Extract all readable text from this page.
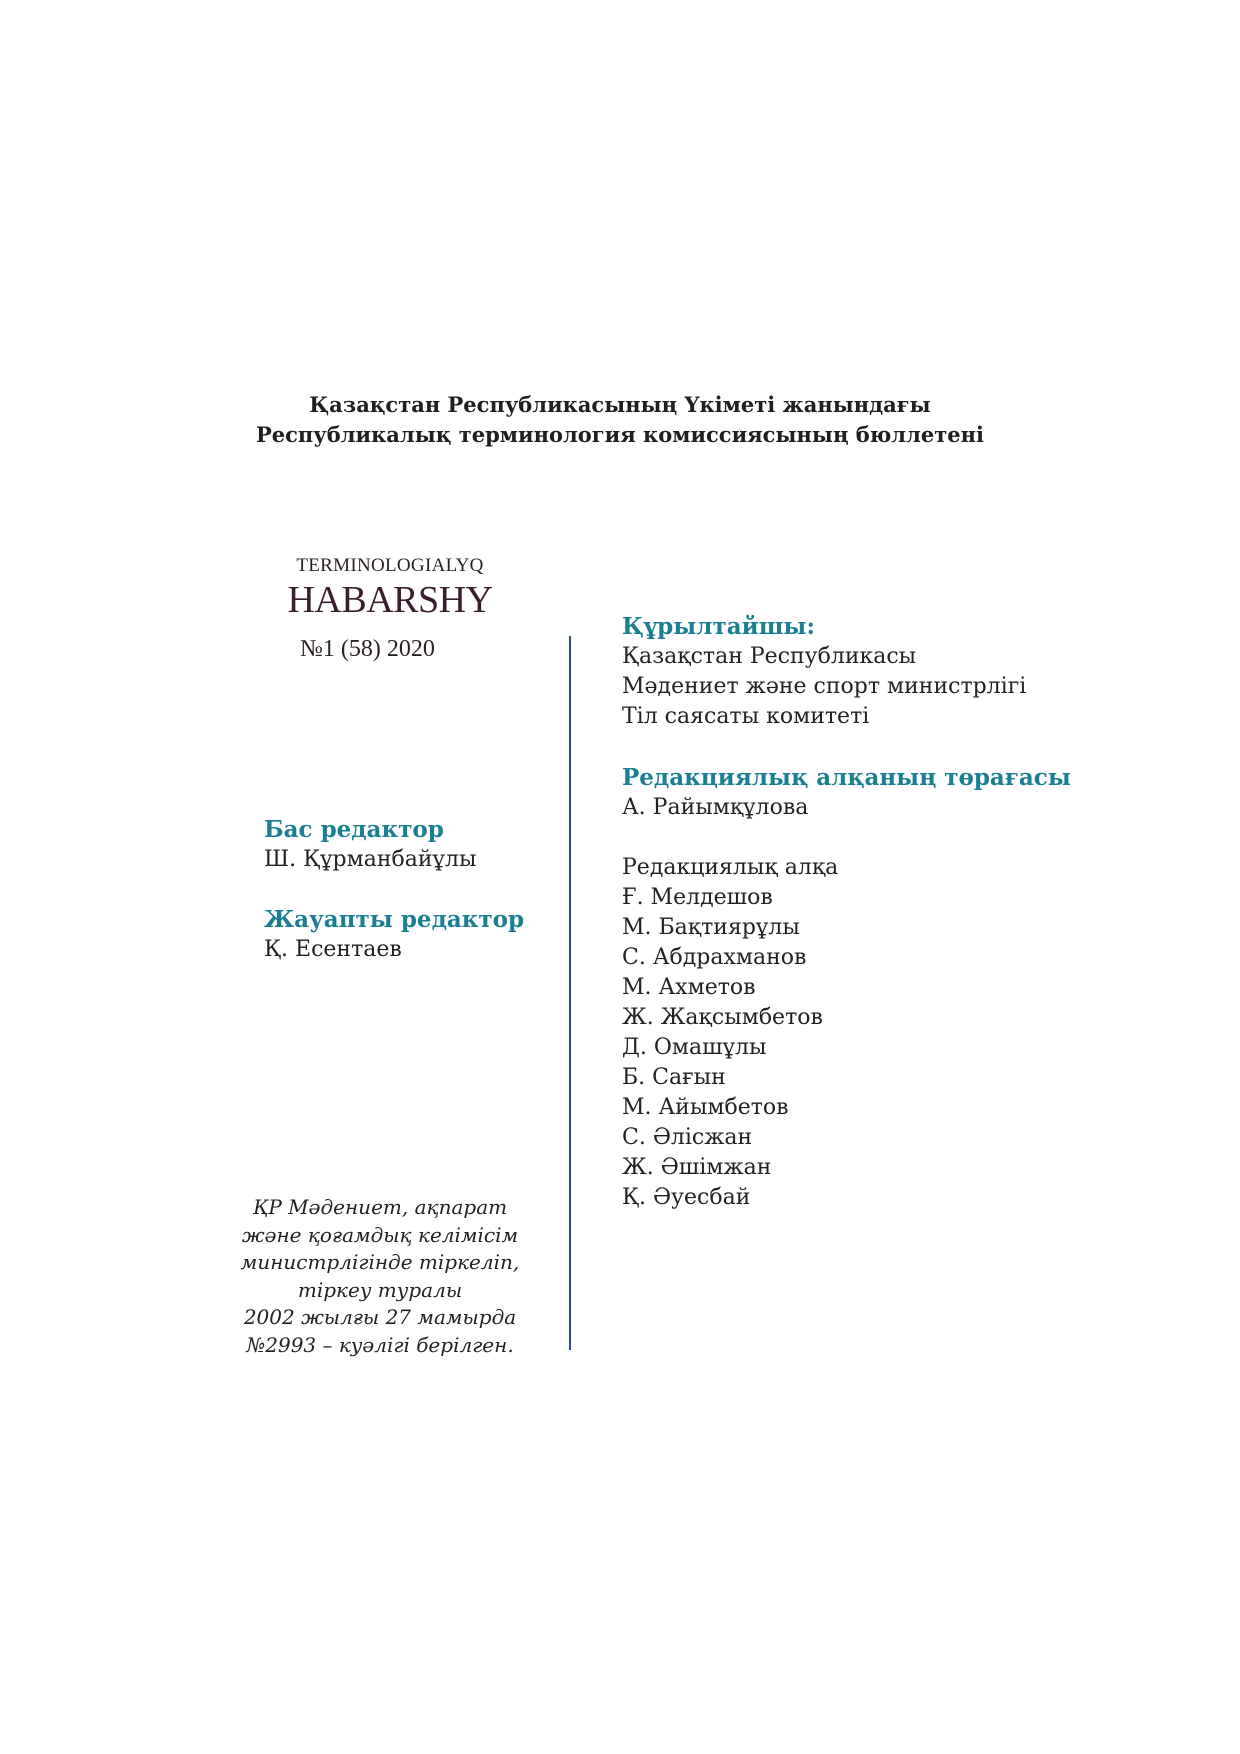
Қазақстан Республикасының Үкіметі жанындағы
Республикалық терминология комиссиясының бюллетені
TERMINOLOGIALYQ
HABARSHY
№1 (58) 2020
Бас редактор
Ш. Құрманбайұлы
Жауапты редактор
Қ. Есентаев
ҚР Мәдениет, ақпарат
және қоғамдық келімісім
министрлігінде тіркеліп,
тіркеу туралы
2002 жылғы 27 мамырда
№2993 – куәлігі берілген.
Құрылтайшы:
Қазақстан Республикасы
Мәдениет және спорт министрлігі
Тіл саясаты комитеті
Редакциялық алқаның төрағасы
А. Райымқұлова
Редакциялық алқа
Ғ. Мелдешов
М. Бақтиярұлы
С. Абдрахманов
М. Ахметов
Ж. Жақсымбетов
Д. Омашұлы
Б. Сағын
М. Айымбетов
С. Әлісжан
Ж. Әшімжан
Қ. Әуесбай
